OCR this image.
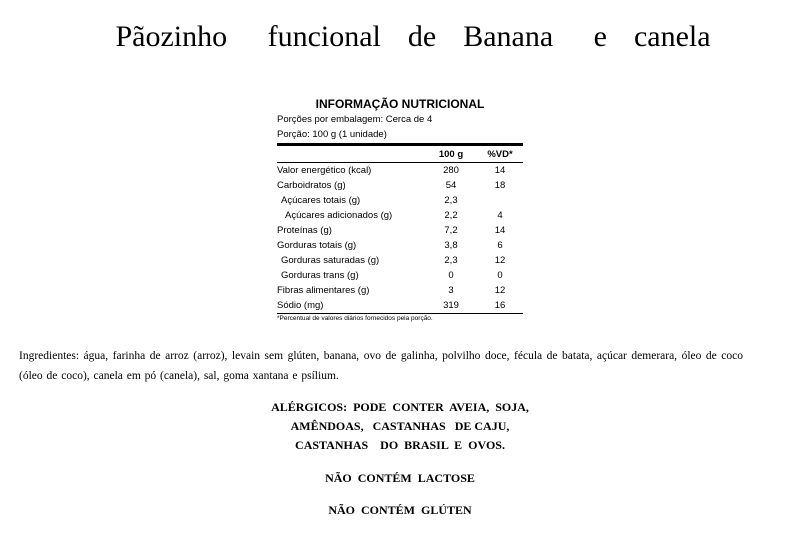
Pãozinho   funcional  de  Banana   e  canela
INFORMAÇÃO NUTRICIONAL
Porções por embalagem: Cerca de 4
Porção: 100 g (1 unidade)
100 g	%VD*
Valor energético (kcal)	280	14
Carboidratos (g)	54	18
Açúcares totais (g)	2,3
Açúcares adicionados (g)	2,2	4
Proteínas (g)	7,2	14
Gorduras totais (g)	3,8	6
Gorduras saturadas (g)	2,3	12
Gorduras trans (g)	0	0
Fibras alimentares (g)	3	12
Sódio (mg)	319	16
*Percentual de valores diários fornecidos pela porção.
Ingredientes: água, farinha de arroz (arroz), levain sem glúten, banana, ovo de galinha, polvilho doce, fécula de batata, açúcar demerara, óleo de coco (óleo de coco), canela em pó (canela), sal, goma xantana e psílium.
ALÉRGICOS:  PODE  CONTER  AVEIA,  SOJA,
AMÊNDOAS,   CASTANHAS   DE CAJU,
CASTANHAS    DO  BRASIL  E  OVOS.
NÃO  CONTÉM  LACTOSE
NÃO  CONTÉM  GLÚTEN
